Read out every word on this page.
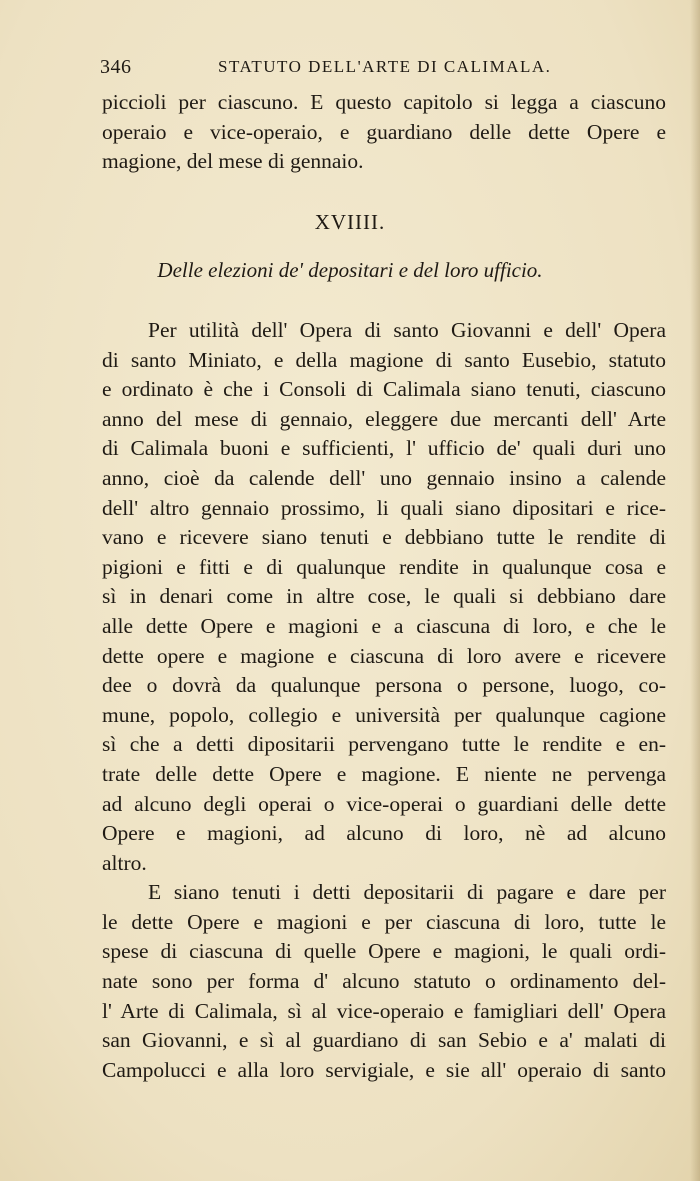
346	STATUTO DELL'ARTE DI CALIMALA.
piccioli per ciascuno. E questo capitolo si legga a ciascuno
operaio e vice-operaio, e guardiano delle dette Opere e
magione, del mese di gennaio.
XVIIII.
Delle elezioni de' depositari e del loro ufficio.
Per utilità dell' Opera di santo Giovanni e dell' Opera
di santo Miniato, e della magione di santo Eusebio, statuto
e ordinato è che i Consoli di Calimala siano tenuti, ciascuno
anno del mese di gennaio, eleggere due mercanti dell' Arte
di Calimala buoni e sufficienti, l' ufficio de' quali duri uno
anno, cioè da calende dell' uno gennaio insino a calende
dell' altro gennaio prossimo, li quali siano dipositari e rice-
vano e ricevere siano tenuti e debbiano tutte le rendite di
pigioni e fitti e di qualunque rendite in qualunque cosa e
sì in denari come in altre cose, le quali si debbiano dare
alle dette Opere e magioni e a ciascuna di loro, e che le
dette opere e magione e ciascuna di loro avere e ricevere
dee o dovrà da qualunque persona o persone, luogo, co-
mune, popolo, collegio e università per qualunque cagione
sì che a detti dipositarii pervengano tutte le rendite e en-
trate delle dette Opere e magione. E niente ne pervenga
ad alcuno degli operai o vice-operai o guardiani delle dette
Opere e magioni, ad alcuno di loro, nè ad alcuno
altro.
E siano tenuti i detti depositarii di pagare e dare per
le dette Opere e magioni e per ciascuna di loro, tutte le
spese di ciascuna di quelle Opere e magioni, le quali ordi-
nate sono per forma d' alcuno statuto o ordinamento del-
l' Arte di Calimala, sì al vice-operaio e famigliari dell' Opera
san Giovanni, e sì al guardiano di san Sebio e a' malati di
Campolucci e alla loro servigiale, e sie all' operaio di santo
